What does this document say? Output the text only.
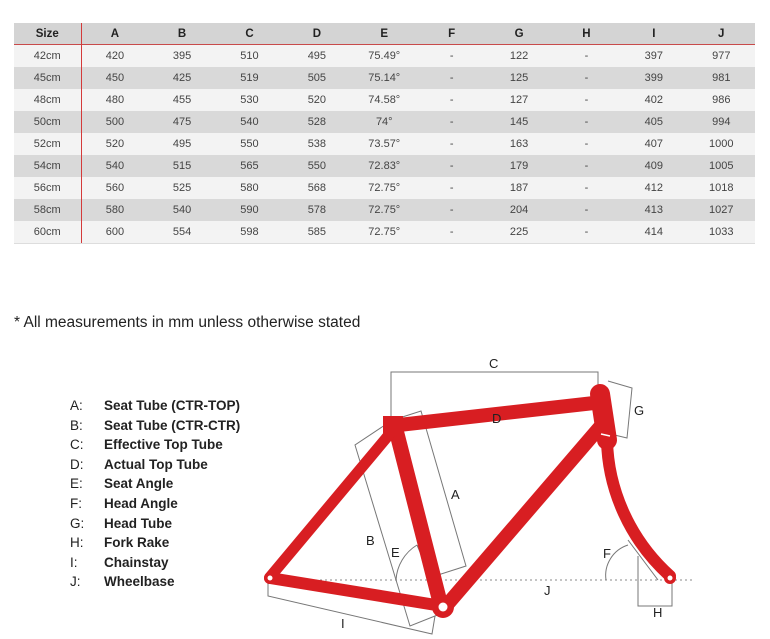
Size	A	B	C	D	E	F	G	H	I	J
42cm	420	395	510	495	75.49°	-	122	-	397	977
45cm	450	425	519	505	75.14°	-	125	-	399	981
48cm	480	455	530	520	74.58°	-	127	-	402	986
50cm	500	475	540	528	74°	-	145	-	405	994
52cm	520	495	550	538	73.57°	-	163	-	407	1000
54cm	540	515	565	550	72.83°	-	179	-	409	1005
56cm	560	525	580	568	72.75°	-	187	-	412	1018
58cm	580	540	590	578	72.75°	-	204	-	413	1027
60cm	600	554	598	585	72.75°	-	225	-	414	1033
* All measurements in mm unless otherwise stated
A: Seat Tube (CTR-TOP)
B: Seat Tube (CTR-CTR)
C: Effective Top Tube
D: Actual Top Tube
E: Seat Angle
F: Head Angle
G: Head Tube
H: Fork Rake
I: Chainstay
J: Wheelbase
C
D
G
A
B
E	F
J
H
I
